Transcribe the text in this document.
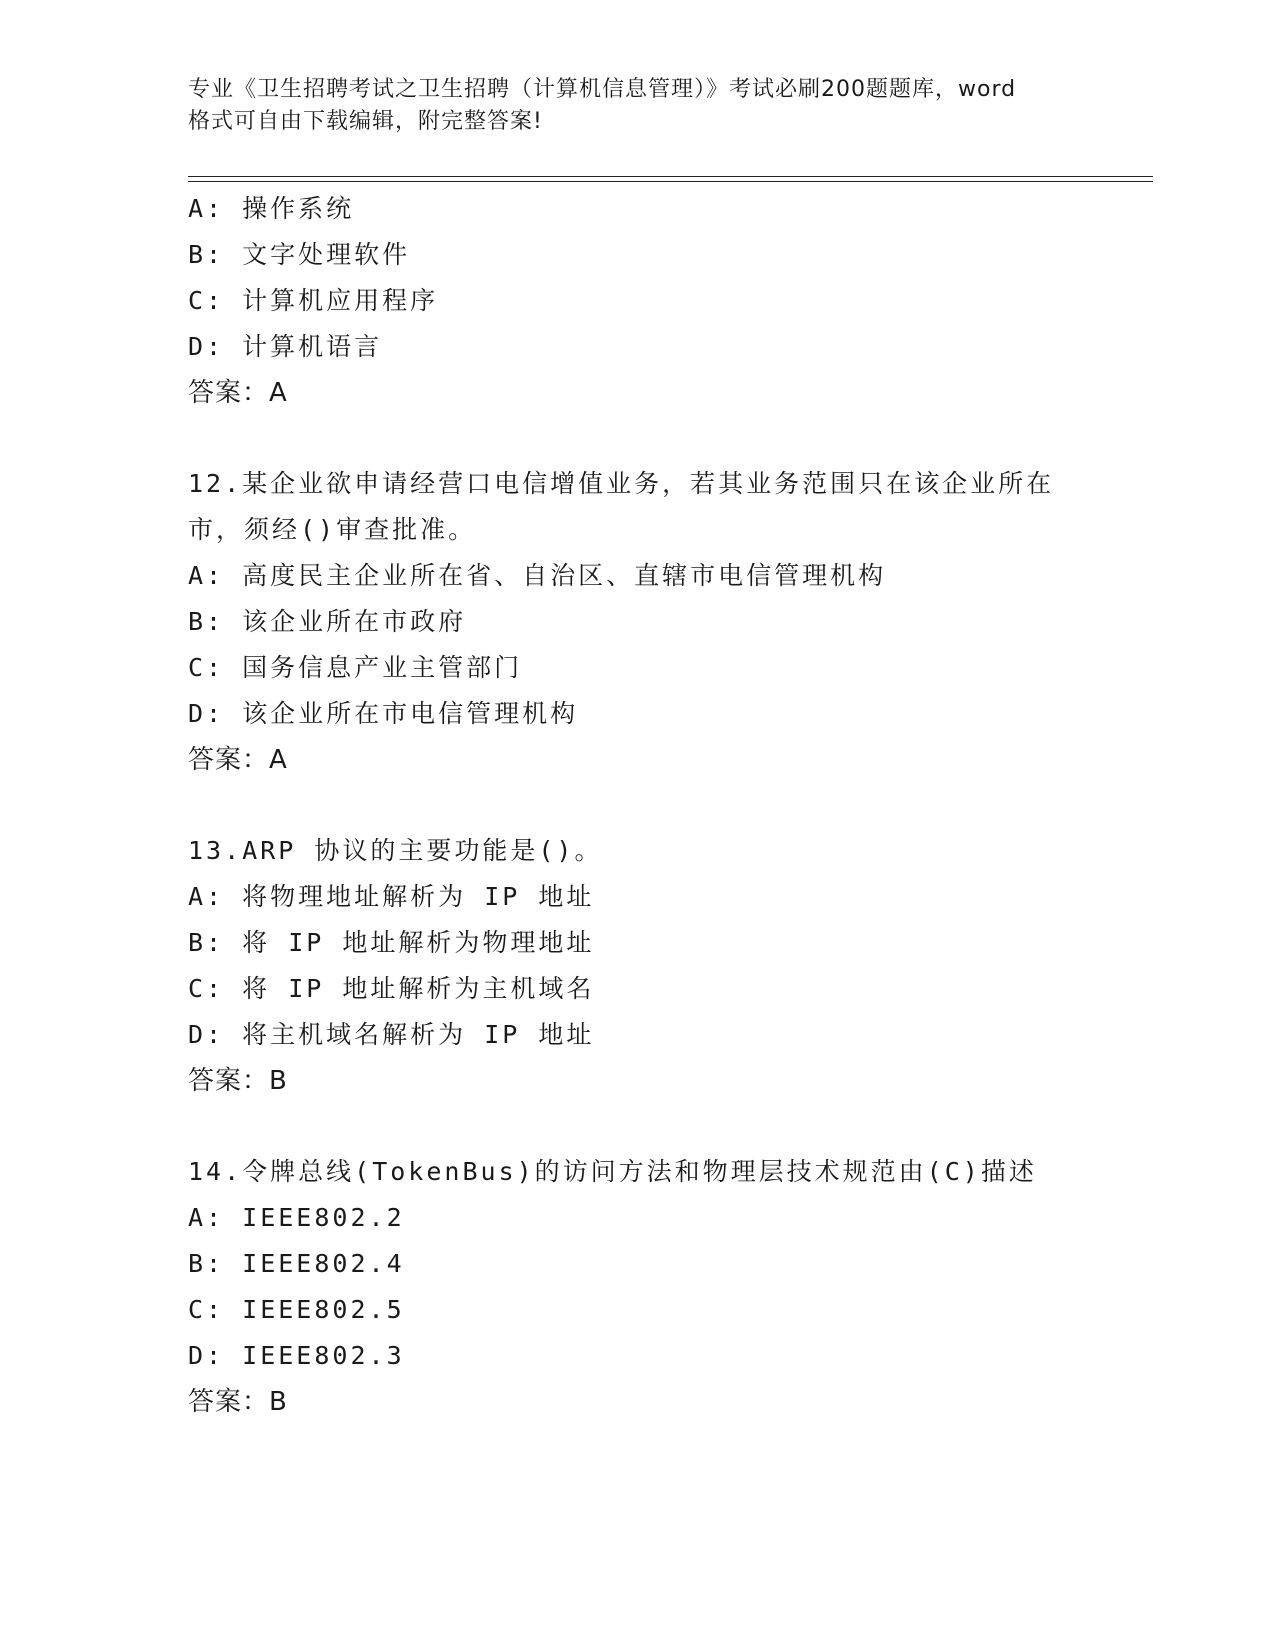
专业《卫生招聘考试之卫生招聘（计算机信息管理）》考试必刷200题题库，word
格式可自由下载编辑，附完整答案!
A: 操作系统
B: 文字处理软件
C: 计算机应用程序
D: 计算机语言
答案：A
12.某企业欲申请经营口电信增值业务，若其业务范围只在该企业所在
市，须经()审查批准。
A: 高度民主企业所在省、自治区、直辖市电信管理机构
B: 该企业所在市政府
C: 国务信息产业主管部门
D: 该企业所在市电信管理机构
答案：A
13.ARP 协议的主要功能是()。
A: 将物理地址解析为 IP 地址
B: 将 IP 地址解析为物理地址
C: 将 IP 地址解析为主机域名
D: 将主机域名解析为 IP 地址
答案：B
14.令牌总线(TokenBus)的访问方法和物理层技术规范由(C)描述
A: IEEE802.2
B: IEEE802.4
C: IEEE802.5
D: IEEE802.3
答案：B
